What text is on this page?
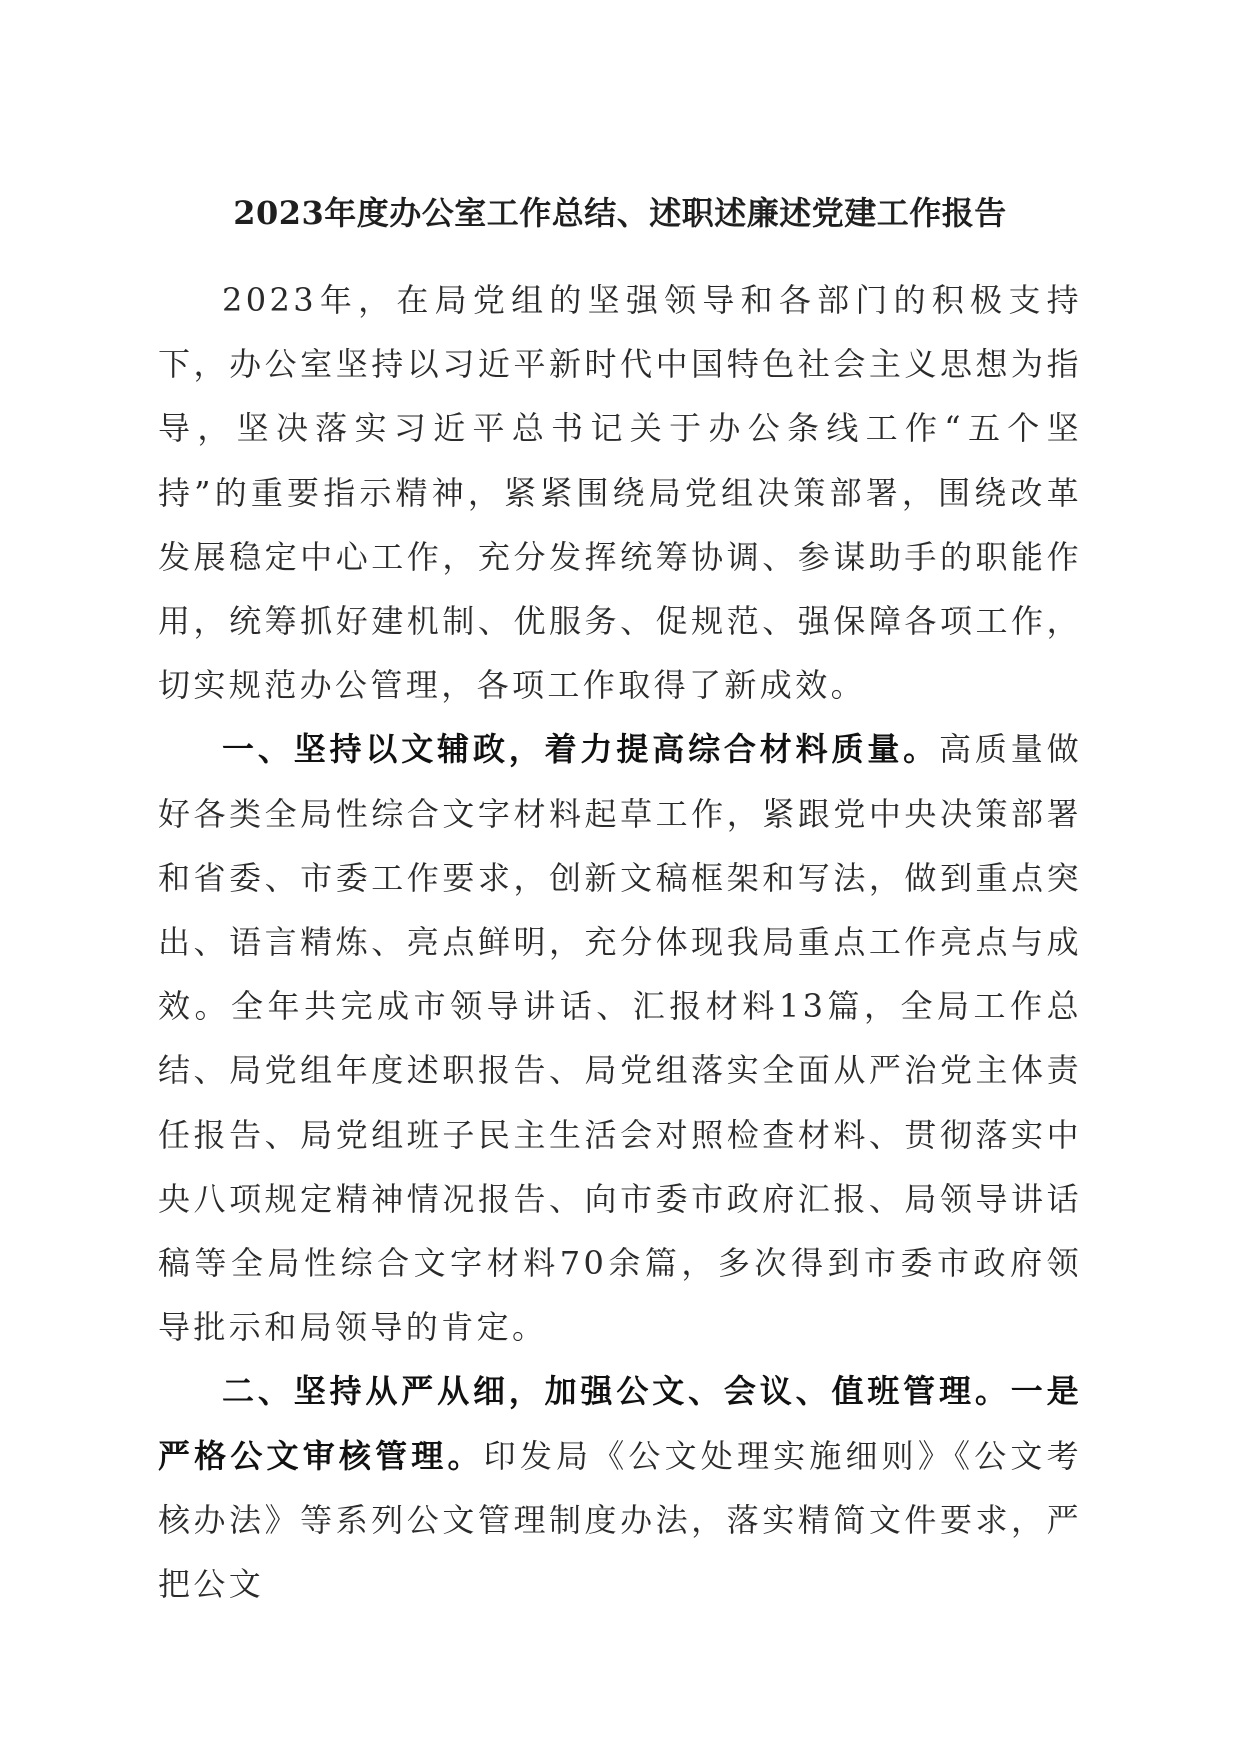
2023年度办公室工作总结、述职述廉述党建工作报告

2023年，在局党组的坚强领导和各部门的积极支持下，办公室坚持以习近平新时代中国特色社会主义思想为指导，坚决落实习近平总书记关于办公条线工作“五个坚持”的重要指示精神，紧紧围绕局党组决策部署，围绕改革发展稳定中心工作，充分发挥统筹协调、参谋助手的职能作用，统筹抓好建机制、优服务、促规范、强保障各项工作，切实规范办公管理，各项工作取得了新成效。

一、坚持以文辅政，着力提高综合材料质量。高质量做好各类全局性综合文字材料起草工作，紧跟党中央决策部署和省委、市委工作要求，创新文稿框架和写法，做到重点突出、语言精炼、亮点鲜明，充分体现我局重点工作亮点与成效。全年共完成市领导讲话、汇报材料13篇，全局工作总结、局党组年度述职报告、局党组落实全面从严治党主体责任报告、局党组班子民主生活会对照检查材料、贯彻落实中央八项规定精神情况报告、向市委市政府汇报、局领导讲话稿等全局性综合文字材料70余篇，多次得到市委市政府领导批示和局领导的肯定。

二、坚持从严从细，加强公文、会议、值班管理。一是严格公文审核管理。印发局《公文处理实施细则》《公文考核办法》等系列公文管理制度办法，落实精简文件要求，严把公文
